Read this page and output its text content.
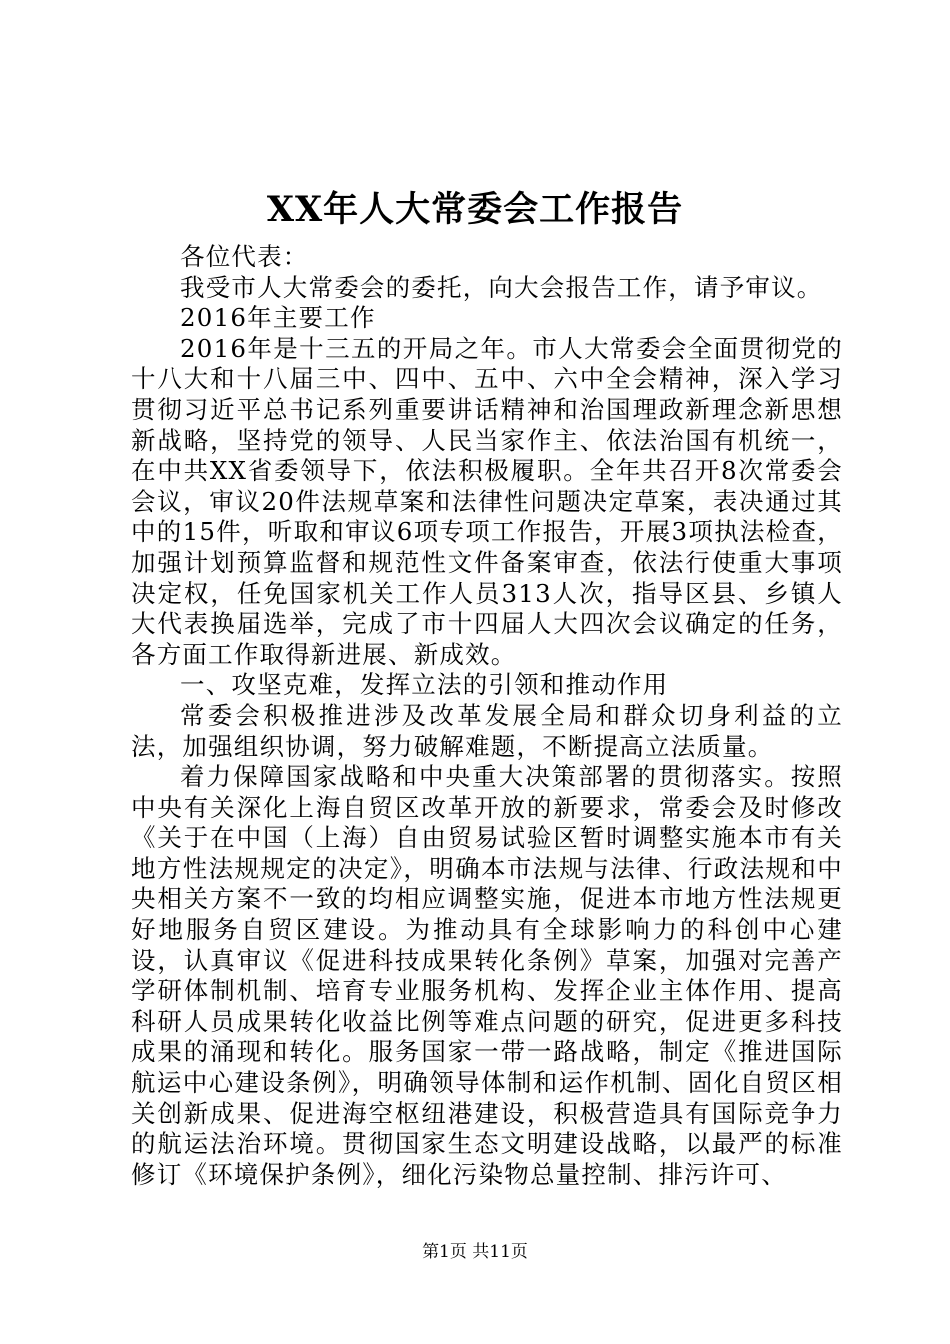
XX年人大常委会工作报告

各位代表：

我受市人大常委会的委托，向大会报告工作，请予审议。

2016年主要工作

2016年是十三五的开局之年。市人大常委会全面贯彻党的十八大和十八届三中、四中、五中、六中全会精神，深入学习贯彻习近平总书记系列重要讲话精神和治国理政新理念新思想新战略，坚持党的领导、人民当家作主、依法治国有机统一，在中共XX省委领导下，依法积极履职。全年共召开8次常委会会议，审议20件法规草案和法律性问题决定草案，表决通过其中的15件，听取和审议6项专项工作报告，开展3项执法检查，加强计划预算监督和规范性文件备案审查，依法行使重大事项决定权，任免国家机关工作人员313人次，指导区县、乡镇人大代表换届选举，完成了市十四届人大四次会议确定的任务，各方面工作取得新进展、新成效。

一、攻坚克难，发挥立法的引领和推动作用

常委会积极推进涉及改革发展全局和群众切身利益的立法，加强组织协调，努力破解难题，不断提高立法质量。

着力保障国家战略和中央重大决策部署的贯彻落实。按照中央有关深化上海自贸区改革开放的新要求，常委会及时修改《关于在中国（上海）自由贸易试验区暂时调整实施本市有关地方性法规规定的决定》，明确本市法规与法律、行政法规和中央相关方案不一致的均相应调整实施，促进本市地方性法规更好地服务自贸区建设。为推动具有全球影响力的科创中心建设，认真审议《促进科技成果转化条例》草案，加强对完善产学研体制机制、培育专业服务机构、发挥企业主体作用、提高科研人员成果转化收益比例等难点问题的研究，促进更多科技成果的涌现和转化。服务国家一带一路战略，制定《推进国际航运中心建设条例》，明确领导体制和运作机制、固化自贸区相关创新成果、促进海空枢纽港建设，积极营造具有国际竞争力的航运法治环境。贯彻国家生态文明建设战略，以最严的标准修订《环境保护条例》，细化污染物总量控制、排污许可、

第1页 共11页
